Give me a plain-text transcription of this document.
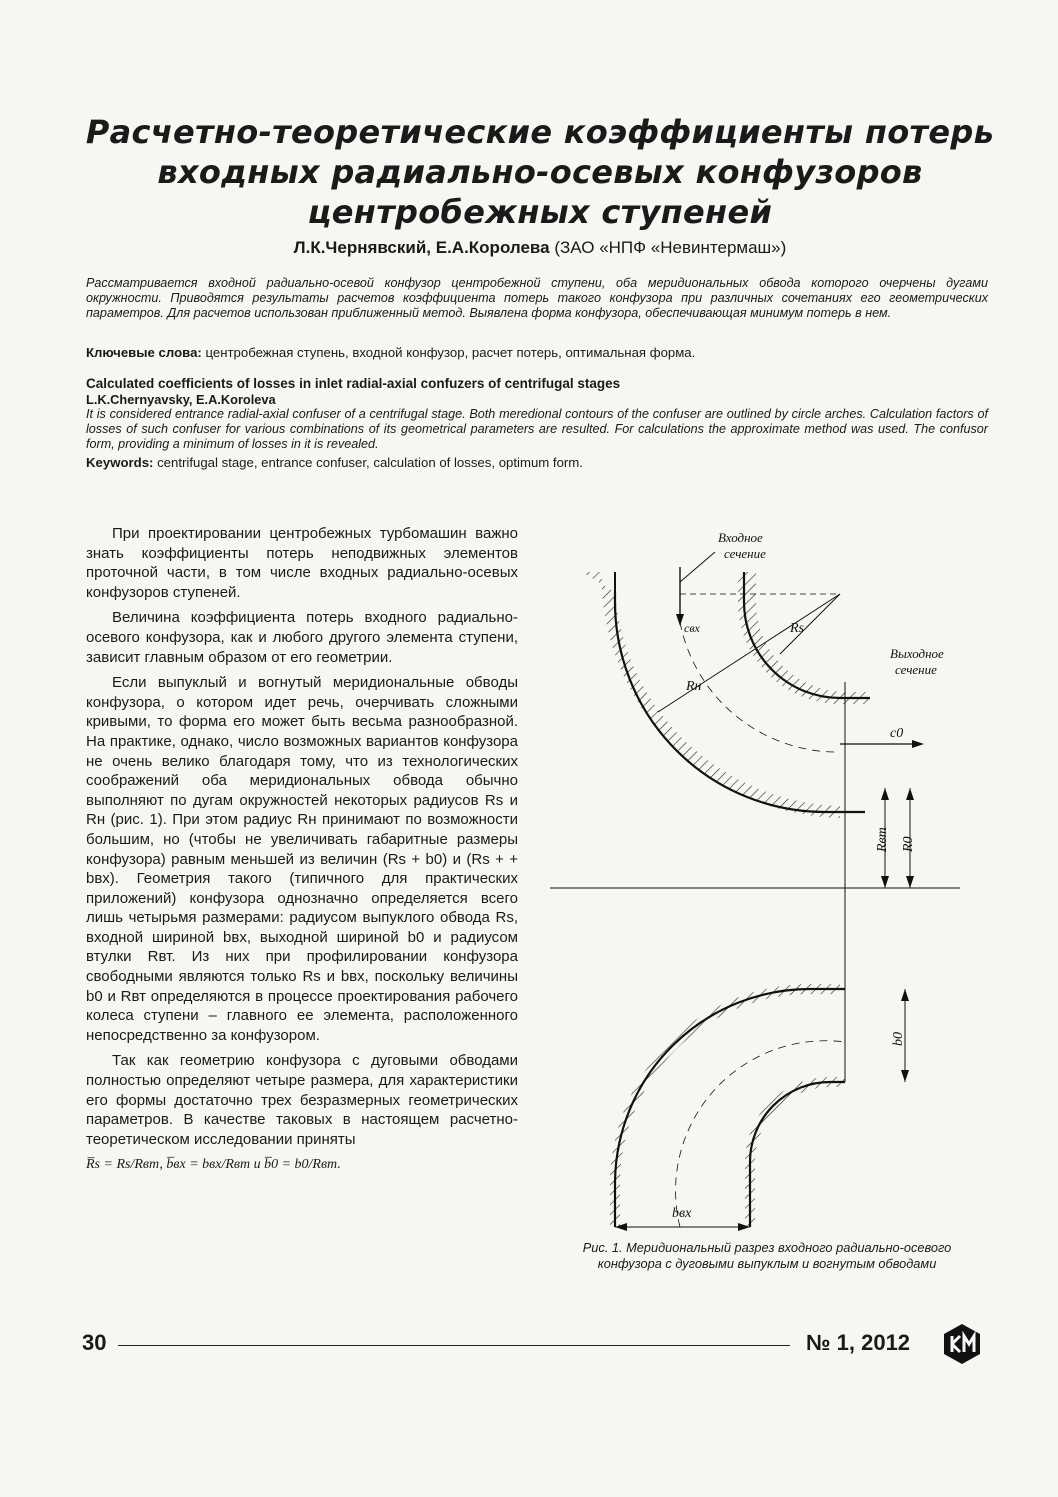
Расчетно-теоретические коэффициенты потерь
входных радиально-осевых конфузоров
центробежных ступеней
Л.К.Чернявский, Е.А.Королева (ЗАО «НПФ «Невинтермаш»)

Рассматривается входной радиально-осевой конфузор центробежной ступени, оба меридиональных обвода которого очерчены дугами окружности. Приводятся результаты расчетов коэффициента потерь такого конфузора при различных сочетаниях его геометрических параметров. Для расчетов использован приближенный метод. Выявлена форма конфузора, обеспечивающая минимум потерь в нем.

Ключевые слова: центробежная ступень, входной конфузор, расчет потерь, оптимальная форма.

Calculated coefficients of losses in inlet radial-axial confuzers of centrifugal stages

L.K.Chernyavsky, E.A.Koroleva

It is considered entrance radial-axial confuser of a centrifugal stage. Both meredional contours of the confuser are outlined by circle arches. Calculation factors of losses of such confuser for various combinations of its geometrical parameters are resulted. For calculations the approximate method was used. The confusor form, providing a minimum of losses in it is revealed.

Keywords: centrifugal stage, entrance confuser, calculation of losses, optimum form.

При проектировании центробежных турбомашин важно знать коэффициенты потерь неподвижных элементов проточной части, в том числе входных радиально-осевых конфузоров ступеней.

Величина коэффициента потерь входного радиально-осевого конфузора, как и любого другого элемента ступени, зависит главным образом от его геометрии.

Если выпуклый и вогнутый меридиональные обводы конфузора, о котором идет речь, очерчивать сложными кривыми, то форма его может быть весьма разнообразной. На практике, однако, число возможных вариантов конфузора не очень велико благодаря тому, что из технологических соображений оба меридиональных обвода обычно выполняют по дугам окружностей некоторых радиусов Rs и Rн (рис. 1). При этом радиус Rн принимают по возможности большим, но (чтобы не увеличивать габаритные размеры конфузора) равным меньшей из величин (Rs + b0) и (Rs + + bвх). Геометрия такого (типичного для практических приложений) конфузора однозначно определяется всего лишь четырьмя размерами: радиусом выпуклого обвода Rs, входной шириной bвх, выходной шириной b0 и радиусом втулки Rвт. Из них при профилировании конфузора свободными являются только Rs и bвх, поскольку величины b0 и Rвт определяются в процессе проектирования рабочего колеса ступени – главного ее элемента, расположенного непосредственно за конфузором.

Так как геометрию конфузора с дуговыми обводами полностью определяют четыре размера, для характеристики его формы достаточно трех безразмерных геометрических параметров. В качестве таковых в настоящем расчетно-теоретическом исследовании приняты

R̅s = Rs/Rвт, b̅вх = bвх/Rвт и b̅0 = b0/Rвт.

Входное
сечение
Выходное
сечение
cвх	Rs
Rн
c0
Rвт R0
b0
bвх

Рис. 1. Меридиональный разрез входного радиально-осевого конфузора с дуговыми выпуклым и вогнутым обводами

30	№ 1, 2012
